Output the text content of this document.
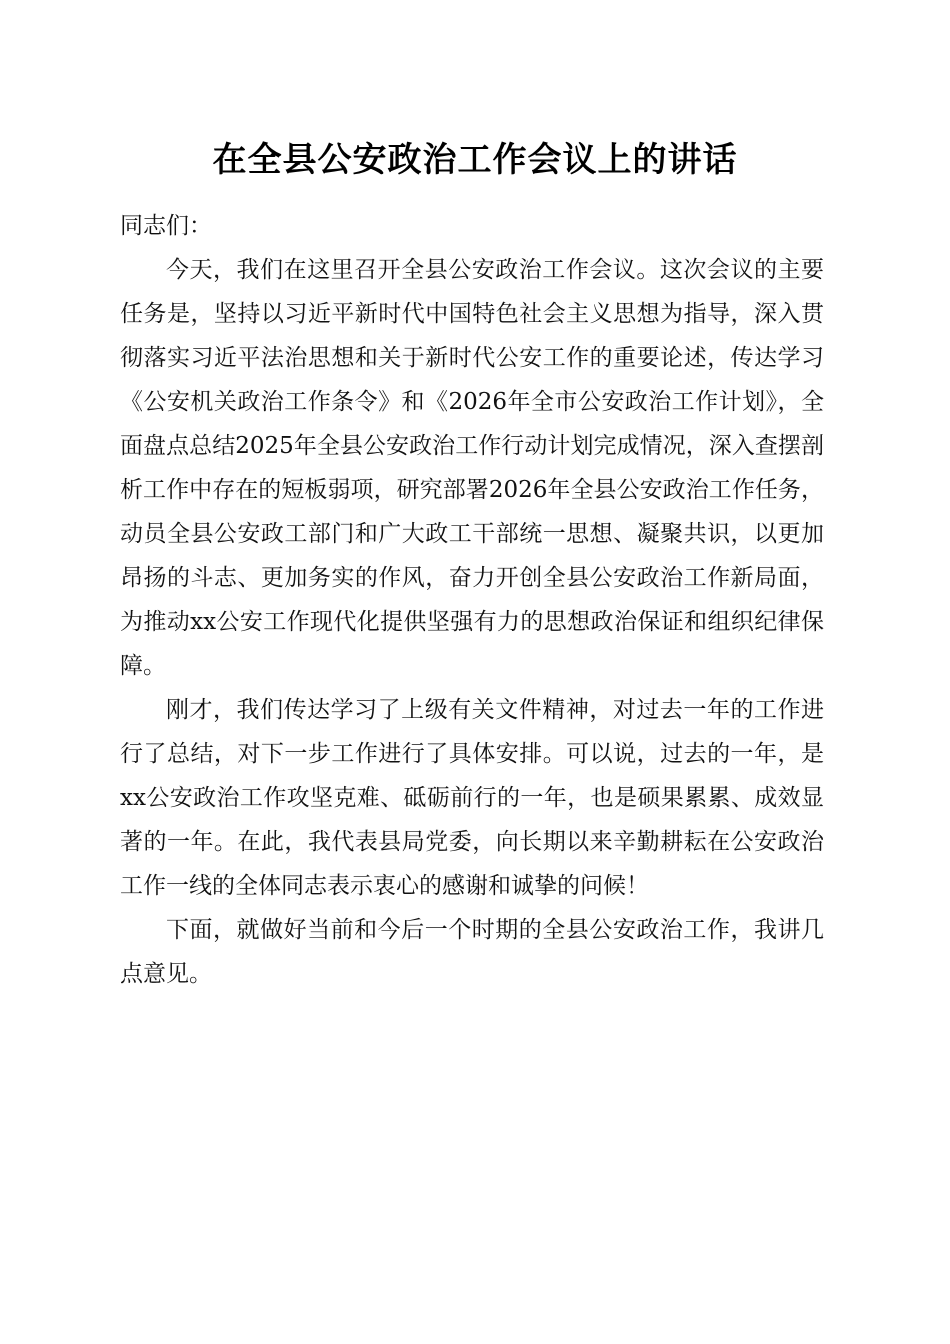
在全县公安政治工作会议上的讲话

同志们：

今天，我们在这里召开全县公安政治工作会议。这次会议的主要任务是，坚持以习近平新时代中国特色社会主义思想为指导，深入贯彻落实习近平法治思想和关于新时代公安工作的重要论述，传达学习《公安机关政治工作条令》和《2026年全市公安政治工作计划》，全面盘点总结2025年全县公安政治工作行动计划完成情况，深入查摆剖析工作中存在的短板弱项，研究部署2026年全县公安政治工作任务，动员全县公安政工部门和广大政工干部统一思想、凝聚共识，以更加昂扬的斗志、更加务实的作风，奋力开创全县公安政治工作新局面，为推动xx公安工作现代化提供坚强有力的思想政治保证和组织纪律保障。

刚才，我们传达学习了上级有关文件精神，对过去一年的工作进行了总结，对下一步工作进行了具体安排。可以说，过去的一年，是xx公安政治工作攻坚克难、砥砺前行的一年，也是硕果累累、成效显著的一年。在此，我代表县局党委，向长期以来辛勤耕耘在公安政治工作一线的全体同志表示衷心的感谢和诚挚的问候！

下面，就做好当前和今后一个时期的全县公安政治工作，我讲几点意见。
